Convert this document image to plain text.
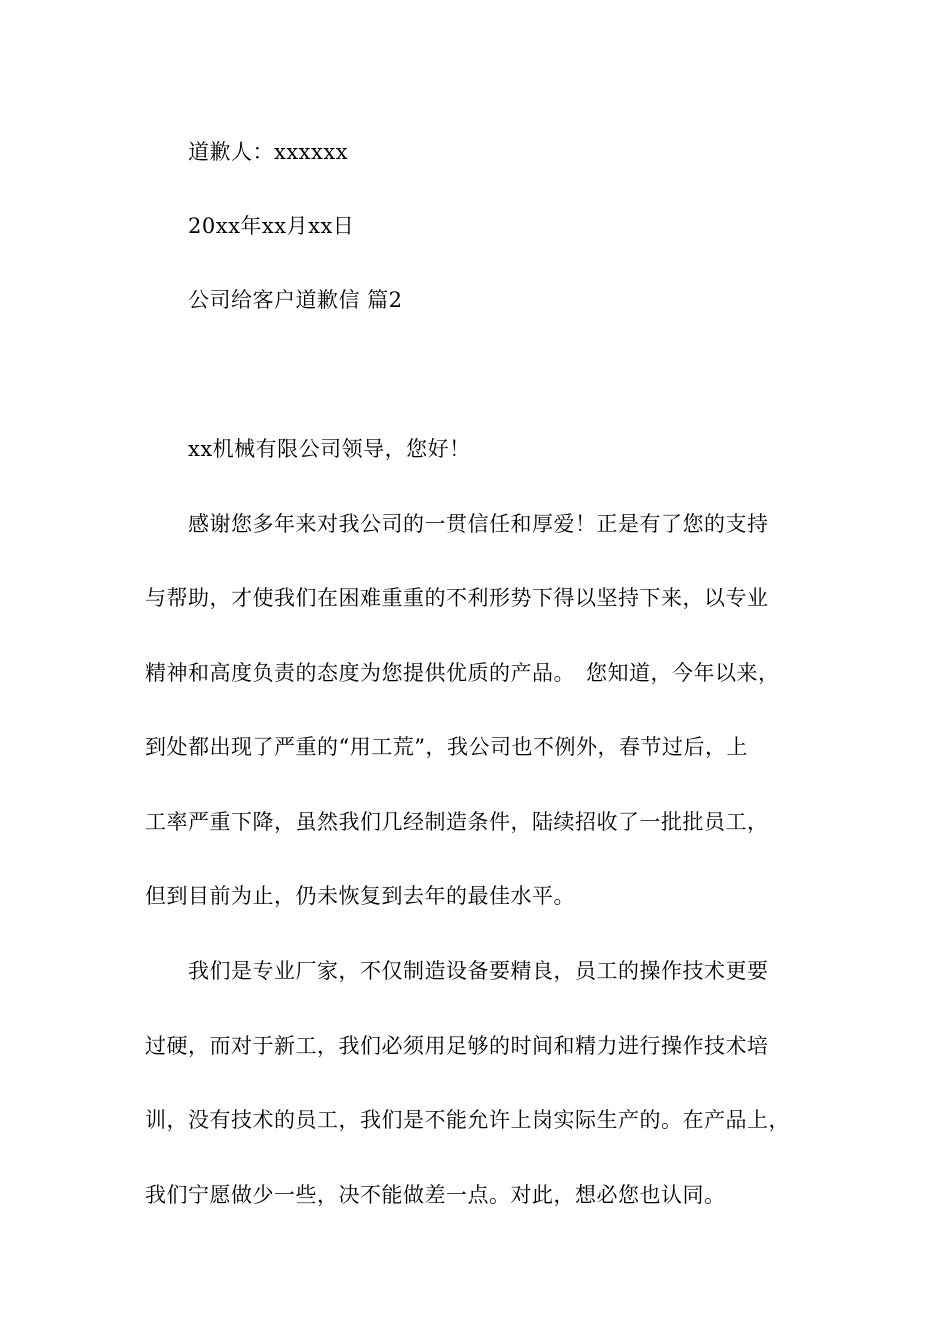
道歉人：xxxxxx
20xx年xx月xx日
公司给客户道歉信 篇2
xx机械有限公司领导，您好！
感谢您多年来对我公司的一贯信任和厚爱！正是有了您的支持
与帮助，才使我们在困难重重的不利形势下得以坚持下来，以专业
精神和高度负责的态度为您提供优质的产品。　您知道，今年以来，
到处都出现了严重的“用工荒”，我公司也不例外，春节过后，上
工率严重下降，虽然我们几经制造条件，陆续招收了一批批员工，
但到目前为止，仍未恢复到去年的最佳水平。
我们是专业厂家，不仅制造设备要精良，员工的操作技术更要
过硬，而对于新工，我们必须用足够的时间和精力进行操作技术培
训，没有技术的员工，我们是不能允许上岗实际生产的。在产品上，
我们宁愿做少一些，决不能做差一点。对此，想必您也认同。
